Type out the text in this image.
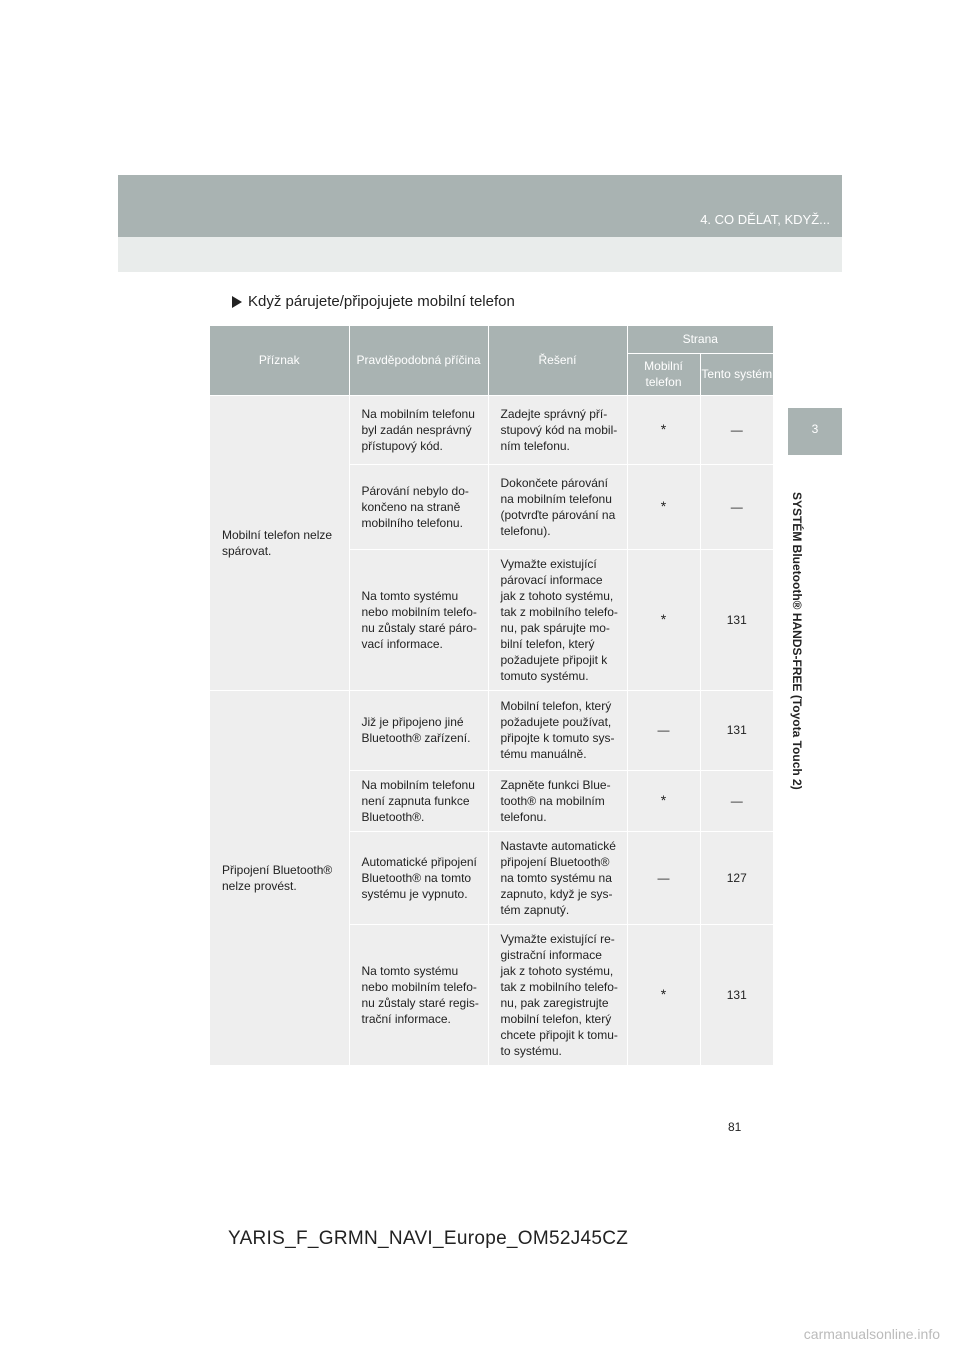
4. CO DĚLAT, KDYŽ...
3
SYSTÉM Bluetooth® HANDS-FREE (Toyota Touch 2)
Když párujete/připojujete mobilní telefon
Příznak	Pravděpodobná příčina	Řešení	Strana	
			Mobilní telefon	Tento systém
Mobilní telefon nelze spárovat.	Na mobilním telefonu byl zadán nesprávný přístupový kód.	Zadejte správný pří-stupový kód na mobil-ním telefonu.	*	—
	Párování nebylo do-končeno na straně mobilního telefonu.	Dokončete párování na mobilním telefonu (potvrďte párování na telefonu).	*	—
	Na tomto systému nebo mobilním telefo-nu zůstaly staré páro-vací informace.	Vymažte existující párovací informace jak z tohoto systému, tak z mobilního telefo-nu, pak spárujte mo-bilní telefon, který požadujete připojit k tomuto systému.	*	131
Připojení Bluetooth® nelze provést.	Již je připojeno jiné Bluetooth® zařízení.	Mobilní telefon, který požadujete používat, připojte k tomuto sys-tému manuálně.	—	131
	Na mobilním telefonu není zapnuta funkce Bluetooth®.	Zapněte funkci Blue-tooth® na mobilním telefonu.	*	—
	Automatické připojení Bluetooth® na tomto systému je vypnuto.	Nastavte automatické připojení Bluetooth® na tomto systému na zapnuto, když je sys-tém zapnutý.	—	127
	Na tomto systému nebo mobilním telefo-nu zůstaly staré regis-trační informace.	Vymažte existující re-gistrační informace jak z tohoto systému, tak z mobilního telefo-nu, pak zaregistrujte mobilní telefon, který chcete připojit k tomu-to systému.	*	131
81
YARIS_F_GRMN_NAVI_Europe_OM52J45CZ
carmanualsonline.info
